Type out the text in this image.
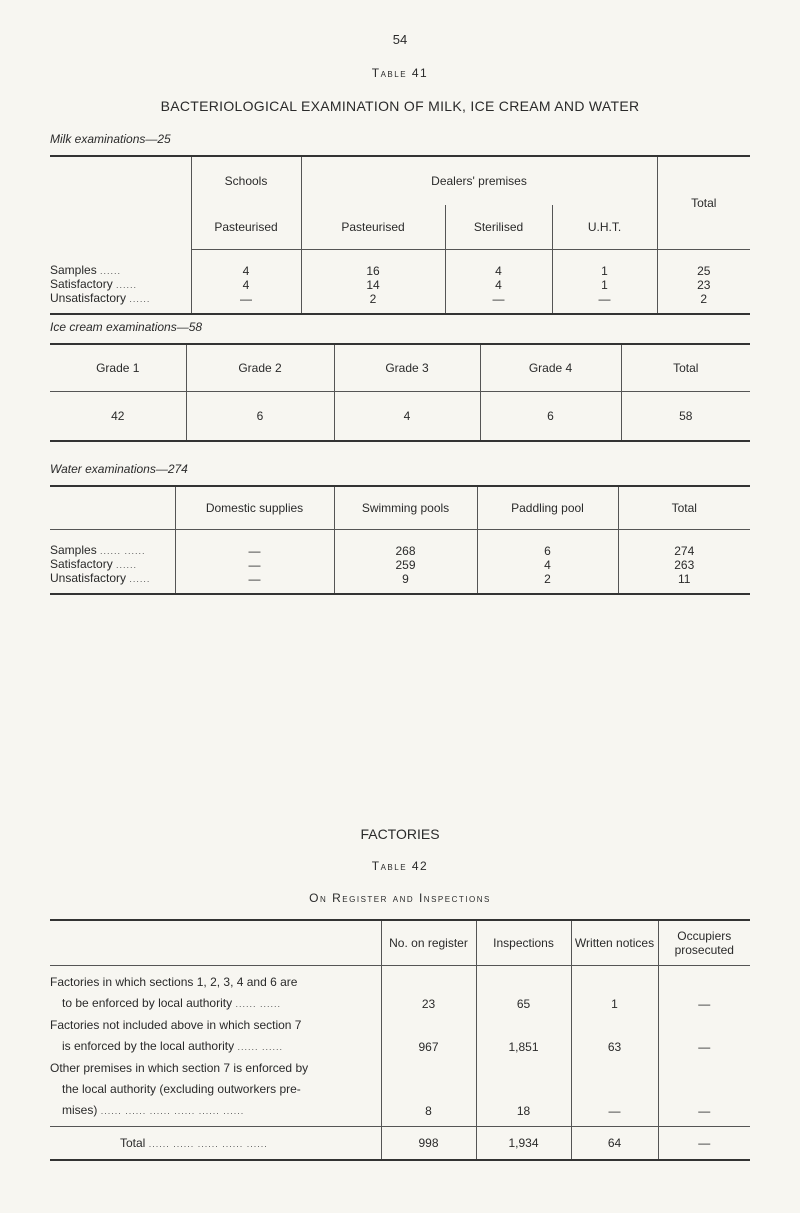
54
Table 41
BACTERIOLOGICAL EXAMINATION OF MILK, ICE CREAM AND WATER
Milk examinations—25
	Schools	Dealers' premises			Total
	Pasteurised	Pasteurised	Sterilised	U.H.T.	

Samples ......	4	16	4	1	25
Satisfactory ......	4	14	4	1	23
Unsatisfactory ......	—	2	—	—	2

Ice cream examinations—58
Grade 1	Grade 2	Grade 3	Grade 4	Total
42	6	4	6	58
Water examinations—274
	Domestic supplies	Swimming pools	Paddling pool	Total

Samples ...... ......	—	268	6	274
Satisfactory ......	—	259	4	263
Unsatisfactory ......	—	9	2	11

FACTORIES
Table 42
On Register and Inspections
	No. on register	Inspections	Written notices	Occupiers prosecuted

Factories in which sections 1, 2, 3, 4 and 6 are
to be enforced by local authority ...... ......	23	65	1	—

Factories not included above in which section 7
is enforced by the local authority ...... ......	967	1,851	63	—

Other premises in which section 7 is enforced by
the local authority (excluding outworkers pre-
mises) ...... ...... ...... ...... ...... ......	8	18	—	—

Total ...... ...... ...... ...... ......	998	1,934	64	—
